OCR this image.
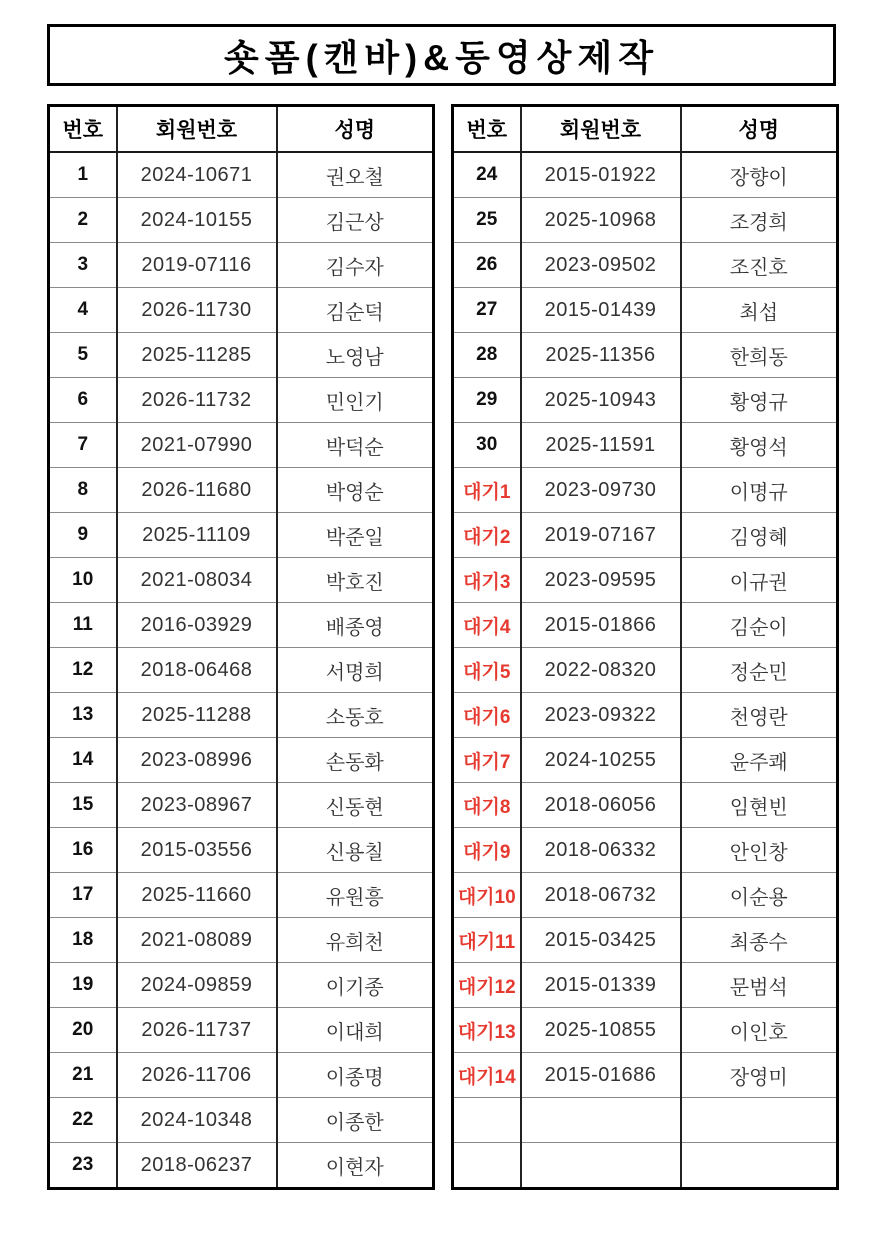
숏폼(캔바)&동영상제작
번호	회원번호	성명
1	2024-10671	권오철
2	2024-10155	김근상
3	2019-07116	김수자
4	2026-11730	김순덕
5	2025-11285	노영남
6	2026-11732	민인기
7	2021-07990	박덕순
8	2026-11680	박영순
9	2025-11109	박준일
10	2021-08034	박호진
11	2016-03929	배종영
12	2018-06468	서명희
13	2025-11288	소동호
14	2023-08996	손동화
15	2023-08967	신동현
16	2015-03556	신용칠
17	2025-11660	유원흥
18	2021-08089	유희천
19	2024-09859	이기종
20	2026-11737	이대희
21	2026-11706	이종명
22	2024-10348	이종한
23	2018-06237	이현자
번호	회원번호	성명
24	2015-01922	장향이
25	2025-10968	조경희
26	2023-09502	조진호
27	2015-01439	최섭
28	2025-11356	한희동
29	2025-10943	황영규
30	2025-11591	황영석
대기1	2023-09730	이명규
대기2	2019-07167	김영혜
대기3	2023-09595	이규권
대기4	2015-01866	김순이
대기5	2022-08320	정순민
대기6	2023-09322	천영란
대기7	2024-10255	윤주쾌
대기8	2018-06056	임현빈
대기9	2018-06332	안인창
대기10	2018-06732	이순용
대기11	2015-03425	최종수
대기12	2015-01339	문범석
대기13	2025-10855	이인호
대기14	2015-01686	장영미
